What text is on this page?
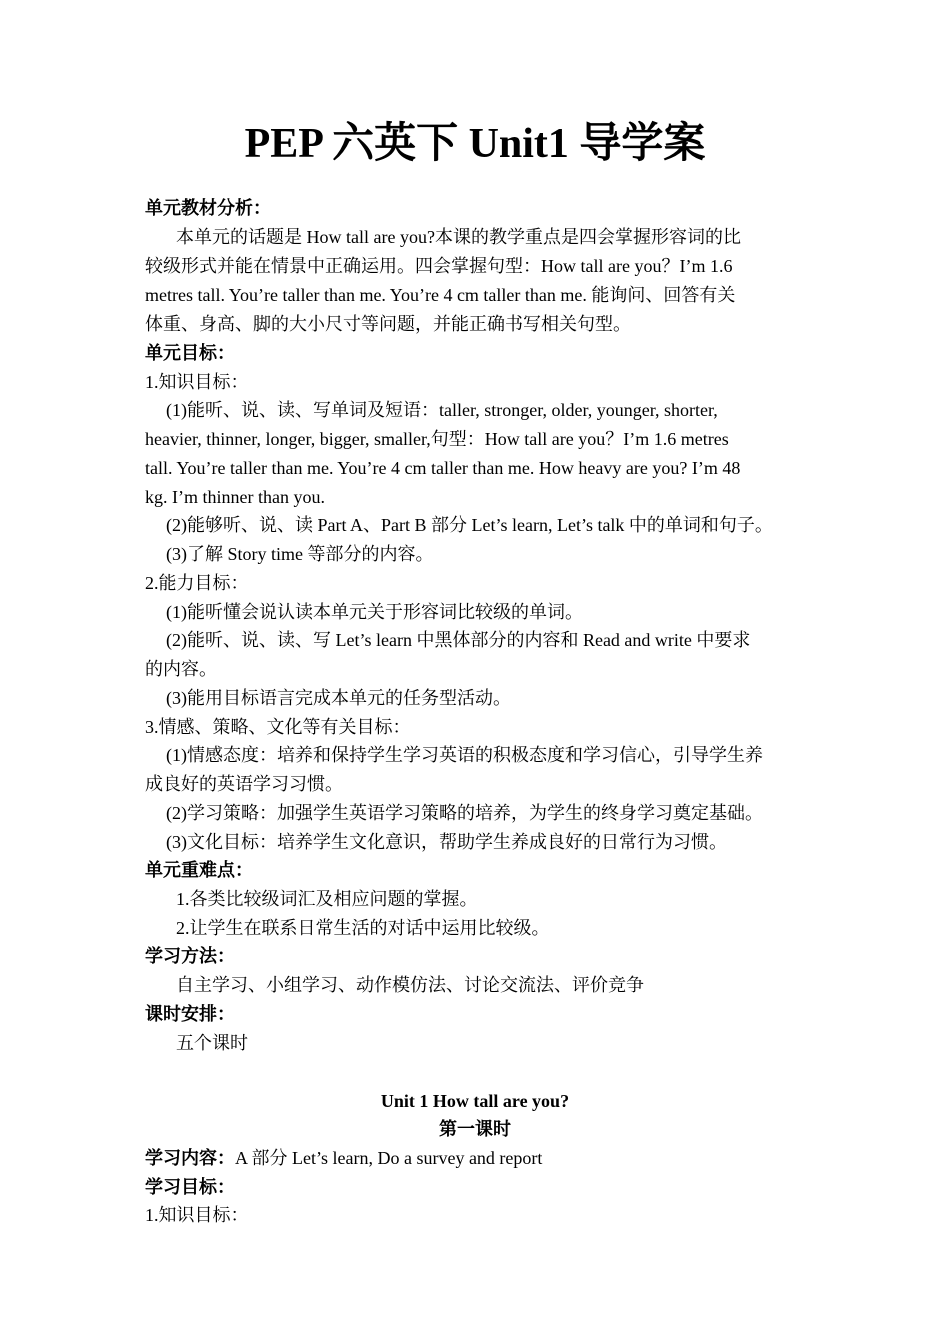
PEP 六英下 Unit1 导学案
单元教材分析：
本单元的话题是 How tall are you?本课的教学重点是四会掌握形容词的比
较级形式并能在情景中正确运用。四会掌握句型：How tall are you？I’m 1.6
metres tall. You’re taller than me. You’re 4 cm taller than me. 能询问、回答有关
体重、身高、脚的大小尺寸等问题，并能正确书写相关句型。
单元目标：
1.知识目标：
(1)能听、说、读、写单词及短语：taller, stronger, older, younger, shorter,
heavier, thinner, longer, bigger, smaller,句型：How tall are you？I’m 1.6 metres
tall. You’re taller than me. You’re 4 cm taller than me. How heavy are you? I’m 48
kg. I’m thinner than you.
(2)能够听、说、读 Part A、Part B 部分 Let’s learn, Let’s talk 中的单词和句子。
(3)了解 Story time 等部分的内容。
2.能力目标：
(1)能听懂会说认读本单元关于形容词比较级的单词。
(2)能听、说、读、写 Let’s learn 中黑体部分的内容和 Read and write 中要求
的内容。
(3)能用目标语言完成本单元的任务型活动。
3.情感、策略、文化等有关目标：
(1)情感态度：培养和保持学生学习英语的积极态度和学习信心，引导学生养
成良好的英语学习习惯。
(2)学习策略：加强学生英语学习策略的培养，为学生的终身学习奠定基础。
(3)文化目标：培养学生文化意识，帮助学生养成良好的日常行为习惯。
单元重难点：
1.各类比较级词汇及相应问题的掌握。
2.让学生在联系日常生活的对话中运用比较级。
学习方法：
自主学习、小组学习、动作模仿法、讨论交流法、评价竞争
课时安排：
五个课时
Unit 1 How tall are you?
第一课时
学习内容：A 部分 Let’s learn, Do a survey and report
学习目标：
1.知识目标：
